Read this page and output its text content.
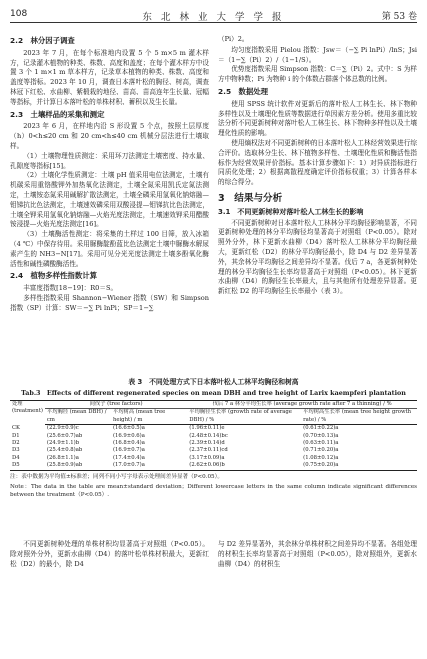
108	东 北 林 业 大 学 学 报	第 53 卷
2.2　林分因子调查

2023 年 7 月，在每个标准地内设置 5 个 5 m×5 m 灌木样方，记录灌木植物的种类、株数、高度和盖度；在每个灌木样方中设置 3 个 1 m×1 m 草本样方，记录草本植物的种类、株数、高度和盖度等指标。2023 年 10 月，调查日本落叶松的胸径、树高，调查林冠下红松、水曲柳、紫椴栽的地径、苗高、苗高连年生长量、冠幅等指标，并计算日本落叶松的单株材积、蓄积以及生长量。

2.3　土壤样品的采集和测定

2023 年 6 月，在样地内沿 S 形设置 5 个点，按照土层厚度（h）0<h≤20 cm 和 20 cm<h≤40 cm 机械分层法进行土壤取样。

（1）土壤物理性质测定：采用环刀法测定土壤密度、持水量、孔隙度等指标[15]。

（2）土壤化学性质测定：土壤 pH 值采用电位法测定，土壤有机碳采用重铬酸钾外加热氧化法测定，土壤全氮采用凯氏定氮法测定，土壤铵态氮采用碱解扩散法测定，土壤全磷采用氢氧化钠熔融—钼锑抗比色法测定，土壤速效磷采用双酸浸提—钼锑抗比色法测定，土壤全钾采用氢氧化钠熔融—火焰光度法测定，土壤速效钾采用醋酸铵浸提—火焰光度法测定[16]。

（3）土壤酶活性测定：将采集的土样过 100 目筛，放入冰箱（4 ℃）中保存待用。采用脲酶靛酚蓝比色法测定土壤中脲酶水解尿素产生的 NH3−N[17]。采用可见分光光度法测定土壤多酚氧化酶活性和碱性磷酸酶活性。

2.4　植物多样性指数计算

丰富度指数[18−19]：R0＝S。

多样性指数采用 Shannon−Wiener 指数（SW）和 Simpson 指数（SP）计算：SW＝−∑ Pi lnPi；SP＝1−∑

（Pi）2。

均匀度指数采用 Pielou 指数：Jsw＝（−∑ Pi lnPi）/lnS；Jsi＝（1−∑（Pi）2）/（1−1/S）。

优势度指数采用 Simpson 指数：C＝∑（Pi）2。式中：S 为样方中物种数；Pi 为物种 i 的个体数占群落个体总数的比例。

2.5　数据处理

使用 SPSS 统计软件对更新后的落叶松人工林生长、林下物种多样性以及土壤理化性质等数据进行单因素方差分析。使用多重比较法分析不同更新树种对落叶松人工林生长、林下物种多样性以及土壤理化性质的影响。

使用熵权法对不同更新树种的日本落叶松人工林经营效果进行综合评价。选取林分生长、林下植物多样性、土壤理化性质和酶活性指标作为经营效果评价指标。基本计算步骤如下：1）对异质指标进行同质化处理；2）根据离散程度确定评价指标权重；3）计算各样本的综合得分。

3　结果与分析
3.1　不同更新树种对落叶松人工林生长的影响

不同更新树种对日本落叶松人工林林分平均胸径影响显著，不同更新树种处理的林分平均胸径均显著高于对照组（P<0.05）。除对照外分外，林下更新水曲柳（D4）落叶松人工林林分平均胸径最大，更新红松（D2）的林分平均胸径最小，除 D4 与 D2 差异显著外，其余林分平均胸径之间差异均不显著。伐后 7 a，各更新树种处理的林分平均胸径生长率均显著高于对照组（P<0.05）。林下更新水曲柳（D4）的胸径生长率最大，且与其他所有处理差异显著。更新红松 D2 的平均胸径生长率最小（表 3）。

表 3　不同处理方式下日本落叶松人工林平均胸径和树高
Tab.3　Effects of different regenerated species on mean DBH and tree height of Larix kaempferi plantation
处理
(treatment)	间伐子 (tree factors)		伐后 7 a 林分平均生长率 (average growth rate after 7 a thinning) / %	
	平均胸径 (mean DBH) / cm	平均树高 (mean tree height) / m	平均胸径生长率 (growth rate of average DBH) / %	平均树高生长率 (mean tree height growth rate) / %
CK	(22.9±0.9)c	(16.6±0.5)a	(1.96±0.11)e	(0.61±0.22)a
D1	(25.6±0.7)ab	(16.9±0.6)a	(2.48±0.14)bc	(0.70±0.13)a
D2	(24.9±1.1)b	(16.8±0.4)a	(2.39±0.14)d	(0.63±0.11)a
D3	(25.4±0.8)ab	(16.9±0.7)a	(2.37±0.11)cd	(0.71±0.20)a
D4	(26.8±1.1)a	(17.4±0.4)a	(3.17±0.09)a	(1.08±0.12)a
D5	(25.8±0.9)ab	(17.0±0.7)a	(2.62±0.06)b	(0.75±0.20)a
注：表中数据为平均值±标准差；同列不同小写字母表示处理间差异显著（P<0.05）。
Note：The data in the table are mean±standard deviation；Different lowercase letters in the same column indicate significant differences between the treatment（P<0.05）.

不同更新树种处理的单株材积均显著高于对照组（P<0.05）。除对照外分外，更新水曲柳（D4）的落叶松单株材积最大，更新红松（D2）的最小，除 D4

与 D2 差异显著外，其余林分单株材积之间差异均不显著。各组处理的材积生长率均显著高于对照组（P<0.05），除对照组外，更新水曲柳（D4）的材积生
